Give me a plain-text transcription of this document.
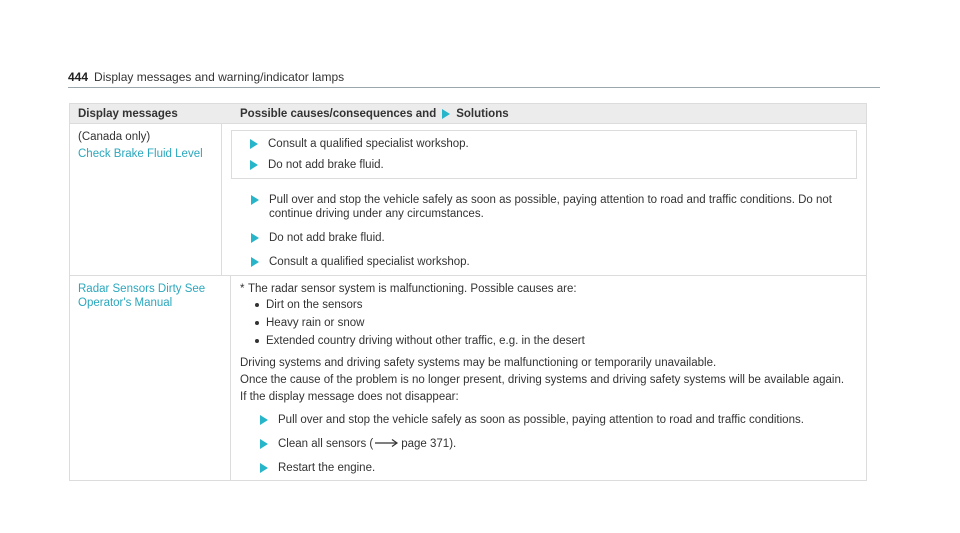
444 Display messages and warning/indicator lamps
Display messages	Possible causes/consequences and Solutions
(Canada only)
Check Brake Fluid Level
Consult a qualified specialist workshop.
Do not add brake fluid.
Pull over and stop the vehicle safely as soon as possible, paying attention to road and traffic conditions. Do not continue driving under any circumstances.
Do not add brake fluid.
Consult a qualified specialist workshop.
Radar Sensors Dirty See
Operator's Manual
* The radar sensor system is malfunctioning. Possible causes are:
Dirt on the sensors
Heavy rain or snow
Extended country driving without other traffic, e.g. in the desert

Driving systems and driving safety systems may be malfunctioning or temporarily unavailable.

Once the cause of the problem is no longer present, driving systems and driving safety systems will be available again.

If the display message does not disappear:

Pull over and stop the vehicle safely as soon as possible, paying attention to road and traffic conditions.
Clean all sensors ( page 371).
Restart the engine.
